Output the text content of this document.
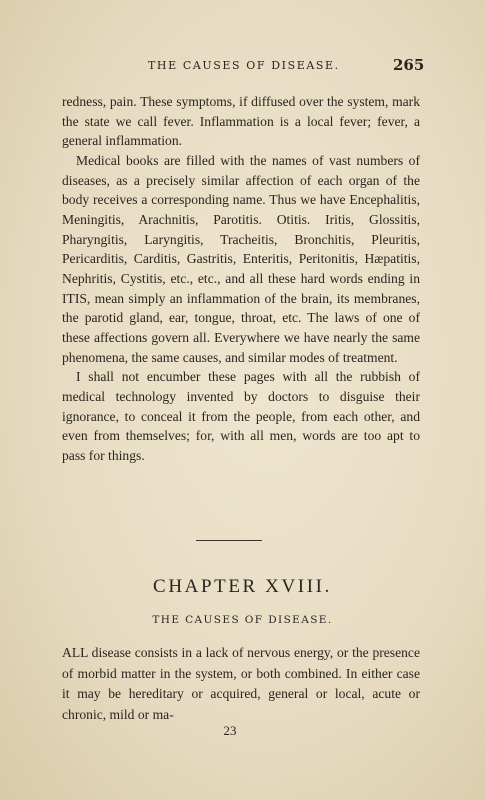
THE CAUSES OF DISEASE.	265

redness, pain. These symptoms, if diffused over the system, mark the state we call fever. Inflammation is a local fever; fever, a general inflammation.

Medical books are filled with the names of vast numbers of diseases, as a precisely similar affection of each organ of the body receives a corresponding name. Thus we have Encephalitis, Meningitis, Arachnitis, Parotitis. Otitis. Iritis, Glossitis, Pharyngitis, Laryngitis, Tracheitis, Bronchitis, Pleuritis, Pericarditis, Carditis, Gastritis, Enteritis, Peritonitis, Hæpatitis, Nephritis, Cystitis, etc., etc., and all these hard words ending in ITIS, mean simply an inflammation of the brain, its membranes, the parotid gland, ear, tongue, throat, etc. The laws of one of these affections govern all. Everywhere we have nearly the same phenomena, the same causes, and similar modes of treatment.

I shall not encumber these pages with all the rubbish of medical technology invented by doctors to disguise their ignorance, to conceal it from the people, from each other, and even from themselves; for, with all men, words are too apt to pass for things.

CHAPTER XVIII.
THE CAUSES OF DISEASE.

ALL disease consists in a lack of nervous energy, or the presence of morbid matter in the system, or both combined. In either case it may be hereditary or acquired, general or local, acute or chronic, mild or ma-

23
